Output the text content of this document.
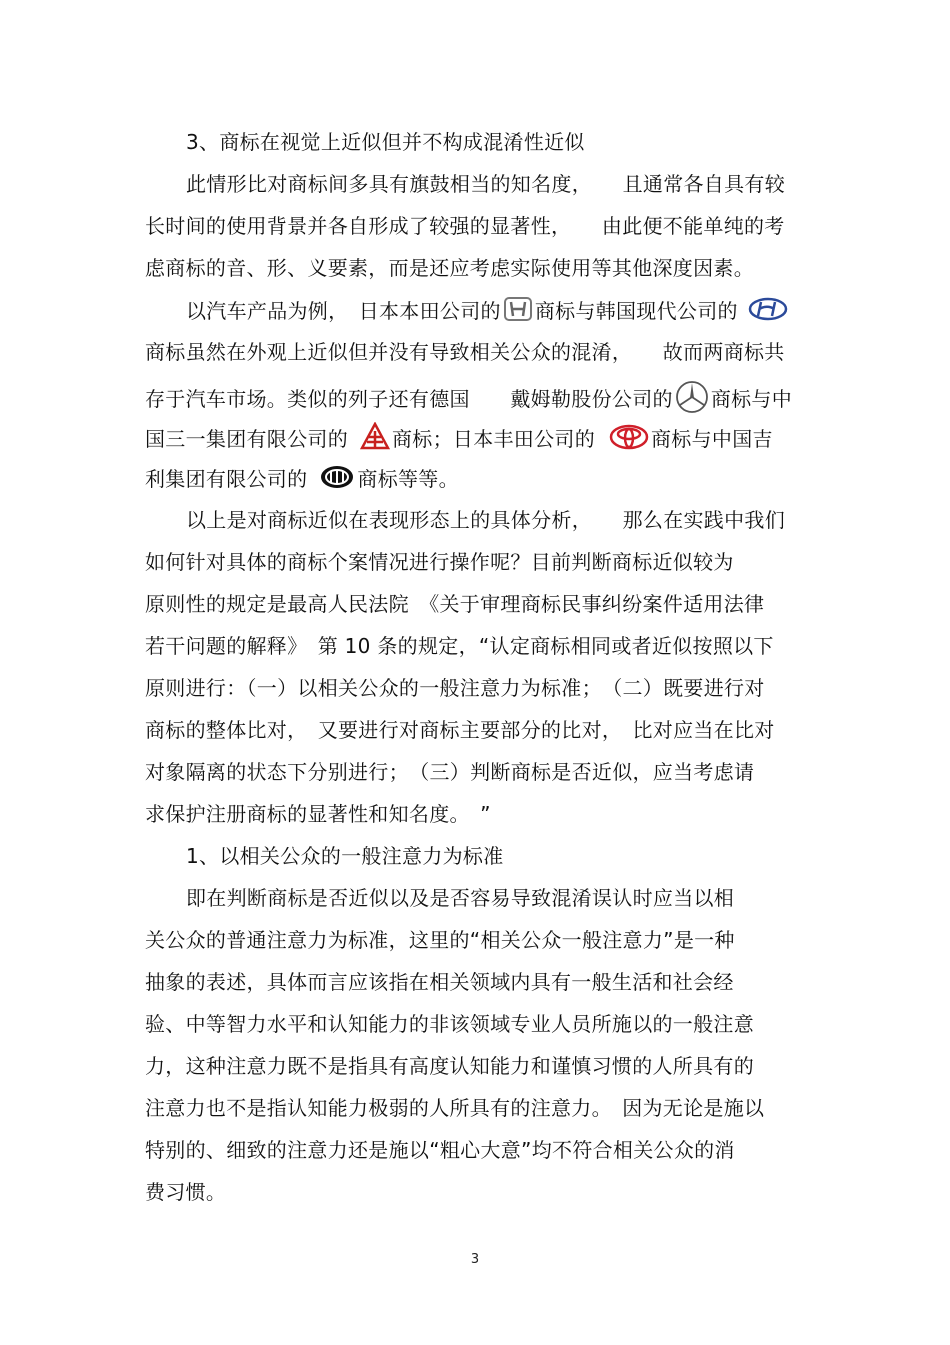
3、商标在视觉上近似但并不构成混淆性近似
此情形比对商标间多具有旗鼓相当的知名度，　　且通常各自具有较
长时间的使用背景并各自形成了较强的显著性，　　由此便不能单纯的考
虑商标的音、形、义要素，而是还应考虑实际使用等其他深度因素。
以汽车产品为例，　日本本田公司的 商标与韩国现代公司的
商标虽然在外观上近似但并没有导致相关公众的混淆，　　故而两商标共
存于汽车市场。类似的列子还有德国　　戴姆勒股份公司的 商标与中
国三一集团有限公司的 商标；日本丰田公司的	商标与中国吉
利集团有限公司的	商标等等。
以上是对商标近似在表现形态上的具体分析，　　那么在实践中我们
如何针对具体的商标个案情况进行操作呢？目前判断商标近似较为
原则性的规定是最高人民法院　《关于审理商标民事纠纷案件适用法律
若干问题的解释》　第 10 条的规定，“认定商标相同或者近似按照以下
原则进行：（一）以相关公众的一般注意力为标准；　（二）既要进行对
商标的整体比对，　又要进行对商标主要部分的比对，　比对应当在比对
对象隔离的状态下分别进行；　（三）判断商标是否近似，应当考虑请
求保护注册商标的显著性和知名度。　”
1、以相关公众的一般注意力为标准
即在判断商标是否近似以及是否容易导致混淆误认时应当以相
关公众的普通注意力为标准，这里的“相关公众一般注意力”是一种
抽象的表述，具体而言应该指在相关领域内具有一般生活和社会经
验、中等智力水平和认知能力的非该领域专业人员所施以的一般注意
力，这种注意力既不是指具有高度认知能力和谨慎习惯的人所具有的
注意力也不是指认知能力极弱的人所具有的注意力。　因为无论是施以
特别的、细致的注意力还是施以“粗心大意”均不符合相关公众的消
费习惯。
3
